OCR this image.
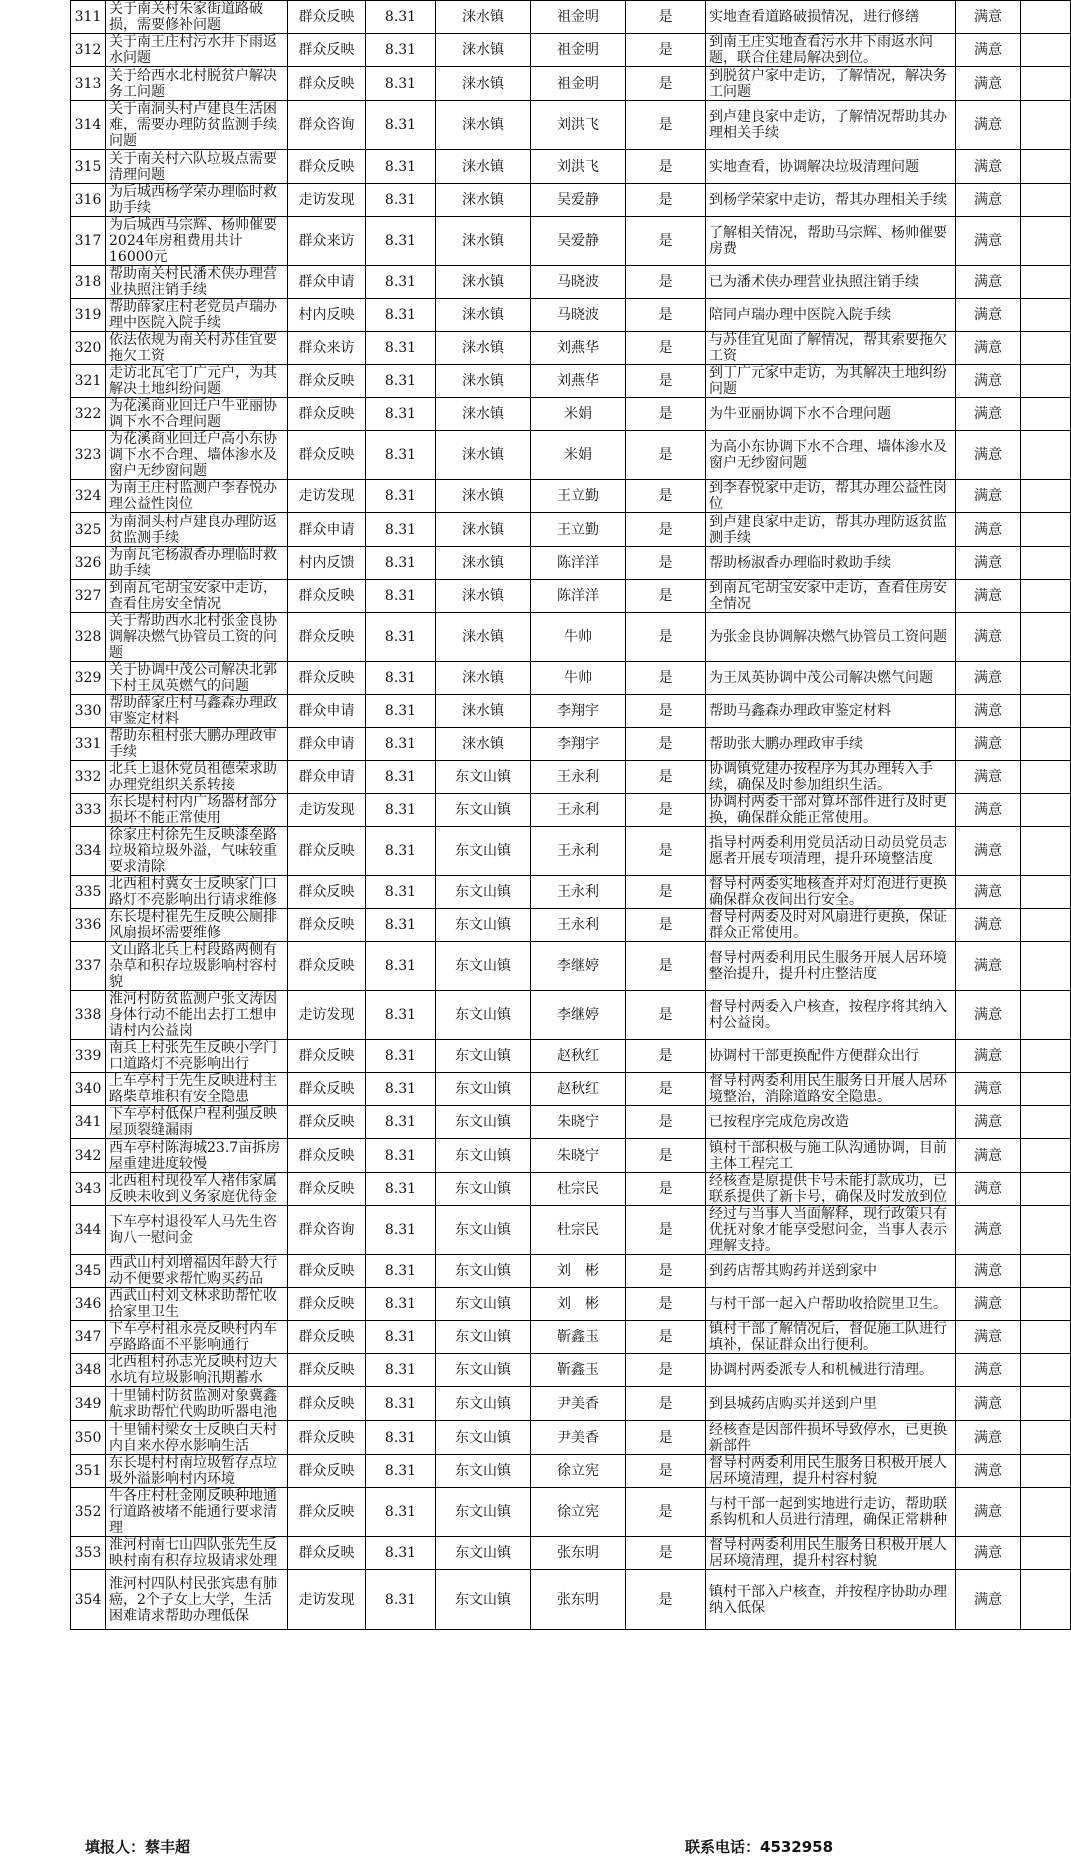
311	关于南关村朱家街道路破损，需要修补问题	群众反映	8.31	涞水镇	祖金明	是	实地查看道路破损情况，进行修缮	满意	
312	关于南王庄村污水井下雨返水问题	群众反映	8.31	涞水镇	祖金明	是	到南王庄实地查看污水井下雨返水问题，联合住建局解决到位。	满意	
313	关于给西水北村脱贫户解决务工问题	群众反映	8.31	涞水镇	祖金明	是	到脱贫户家中走访，了解情况，解决务工问题	满意	
314	关于南洞头村卢建良生活困难，需要办理防贫监测手续问题	群众咨询	8.31	涞水镇	刘洪飞	是	到卢建良家中走访，了解情况帮助其办理相关手续	满意	
315	关于南关村六队垃圾点需要清理问题	群众反映	8.31	涞水镇	刘洪飞	是	实地查看，协调解决垃圾清理问题	满意	
316	为后城西杨学荣办理临时救助手续	走访发现	8.31	涞水镇	吴爱静	是	到杨学荣家中走访，帮其办理相关手续	满意	
317	为后城西马宗辉、杨帅催要2024年房租费用共计16000元	群众来访	8.31	涞水镇	吴爱静	是	了解相关情况，帮助马宗辉、杨帅催要房费	满意	
318	帮助南关村民潘术侠办理营业执照注销手续	群众申请	8.31	涞水镇	马晓波	是	已为潘术侠办理营业执照注销手续	满意	
319	帮助薛家庄村老党员卢瑞办理中医院入院手续	村内反映	8.31	涞水镇	马晓波	是	陪同卢瑞办理中医院入院手续	满意	
320	依法依规为南关村苏佳宜要拖欠工资	群众来访	8.31	涞水镇	刘燕华	是	与苏佳宜见面了解情况，帮其索要拖欠工资	满意	
321	走访北瓦宅丁广元户，为其解决土地纠纷问题	群众反映	8.31	涞水镇	刘燕华	是	到丁广元家中走访，为其解决土地纠纷问题	满意	
322	为花溪商业回迁户牛亚丽协调下水不合理问题	群众反映	8.31	涞水镇	米娟	是	为牛亚丽协调下水不合理问题	满意	
323	为花溪商业回迁户高小东协调下水不合理、墙体渗水及窗户无纱窗问题	群众反映	8.31	涞水镇	米娟	是	为高小东协调下水不合理、墙体渗水及窗户无纱窗问题	满意	
324	为南王庄村监测户李春悦办理公益性岗位	走访发现	8.31	涞水镇	王立勤	是	到李春悦家中走访，帮其办理公益性岗位	满意	
325	为南洞头村卢建良办理防返贫监测手续	群众申请	8.31	涞水镇	王立勤	是	到卢建良家中走访，帮其办理防返贫监测手续	满意	
326	为南瓦宅杨淑香办理临时救助手续	村内反馈	8.31	涞水镇	陈洋洋	是	帮助杨淑香办理临时救助手续	满意	
327	到南瓦宅胡宝安家中走访，查看住房安全情况	群众反映	8.31	涞水镇	陈洋洋	是	到南瓦宅胡宝安家中走访，查看住房安全情况	满意	
328	关于帮助西水北村张金良协调解决燃气协管员工资的问题	群众反映	8.31	涞水镇	牛帅	是	为张金良协调解决燃气协管员工资问题	满意	
329	关于协调中茂公司解决北郭下村王凤英燃气的问题	群众反映	8.31	涞水镇	牛帅	是	为王凤英协调中茂公司解决燃气问题	满意	
330	帮助薛家庄村马鑫森办理政审鉴定材料	群众申请	8.31	涞水镇	李翔宇	是	帮助马鑫森办理政审鉴定材料	满意	
331	帮助东租村张大鹏办理政审手续	群众申请	8.31	涞水镇	李翔宇	是	帮助张大鹏办理政审手续	满意	
332	北兵上退休党员祖德荣求助办理党组织关系转接	群众申请	8.31	东文山镇	王永利	是	协调镇党建办按程序为其办理转入手续，确保及时参加组织生活。	满意	
333	东长堤村村内广场器材部分损坏不能正常使用	走访发现	8.31	东文山镇	王永利	是	协调村两委干部对算坏部件进行及时更换，确保群众能正常使用。	满意	
334	徐家庄村徐先生反映漆垒路垃圾箱垃圾外溢，气味较重要求清除	群众反映	8.31	东文山镇	王永利	是	指导村两委利用党员活动日动员党员志愿者开展专项清理，提升环境整洁度	满意	
335	北西租村冀女士反映家门口路灯不亮影响出行请求维修	群众反映	8.31	东文山镇	王永利	是	督导村两委实地核查并对灯泡进行更换确保群众夜间出行安全。	满意	
336	东长堤村崔先生反映公厕排风扇损坏需要维修	群众反映	8.31	东文山镇	王永利	是	督导村两委及时对风扇进行更换，保证群众正常使用。	满意	
337	文山路北兵上村段路两侧有杂草和积存垃圾影响村容村貌	群众反映	8.31	东文山镇	李继婷	是	督导村两委利用民生服务开展人居环境整治提升，提升村庄整洁度	满意	
338	淮河村防贫监测户张文涛因身体行动不能出去打工想申请村内公益岗	走访发现	8.31	东文山镇	李继婷	是	督导村两委入户核查，按程序将其纳入村公益岗。	满意	
339	南兵上村张先生反映小学门口道路灯不亮影响出行	群众反映	8.31	东文山镇	赵秋红	是	协调村干部更换配件方便群众出行	满意	
340	上车亭村于先生反映进村主路柴草堆积有安全隐患	群众反映	8.31	东文山镇	赵秋红	是	督导村两委利用民生服务日开展人居环境整治，消除道路安全隐患。	满意	
341	下车亭村低保户程利强反映屋顶裂缝漏雨	群众反映	8.31	东文山镇	朱晓宁	是	已按程序完成危房改造	满意	
342	西车亭村陈海城23.7亩拆房屋重建进度较慢	群众反映	8.31	东文山镇	朱晓宁	是	镇村干部积极与施工队沟通协调，目前主体工程完工	满意	
343	北西租村现役军人褚伟家属反映未收到义务家庭优待金	群众反映	8.31	东文山镇	杜宗民	是	经核查是原提供卡号未能打款成功，已联系提供了新卡号，确保及时发放到位	满意	
344	下车亭村退役军人马先生咨询八一慰问金	群众咨询	8.31	东文山镇	杜宗民	是	经过与当事人当面解释，现行政策只有优抚对象才能享受慰问金，当事人表示理解支持。	满意	
345	西武山村刘增福因年龄大行动不便要求帮忙购买药品	群众反映	8.31	东文山镇	刘　彬	是	到药店帮其购药并送到家中	满意	
346	西武山村刘文林求助帮忙收拾家里卫生	群众反映	8.31	东文山镇	刘　彬	是	与村干部一起入户帮助收拾院里卫生。	满意	
347	下车亭村祖永亮反映村内车亭路路面不平影响通行	群众反映	8.31	东文山镇	靳鑫玉	是	镇村干部了解情况后，督促施工队进行填补，保证群众出行便利。	满意	
348	北西租村孙志光反映村边大水坑有垃圾影响汛期蓄水	群众反映	8.31	东文山镇	靳鑫玉	是	协调村两委派专人和机械进行清理。	满意	
349	十里铺村防贫监测对象冀鑫航求助帮忙代购助听器电池	群众反映	8.31	东文山镇	尹美香	是	到县城药店购买并送到户里	满意	
350	十里铺村梁女士反映白天村内自来水停水影响生活	群众反映	8.31	东文山镇	尹美香	是	经核查是因部件损坏导致停水，已更换新部件	满意	
351	东长堤村村南垃圾暂存点垃圾外溢影响村内环境	群众反映	8.31	东文山镇	徐立宪	是	督导村两委利用民生服务日积极开展人居环境清理，提升村容村貌	满意	
352	牛各庄村杜金刚反映种地通行道路被堵不能通行要求清理	群众反映	8.31	东文山镇	徐立宪	是	与村干部一起到实地进行走访，帮助联系钩机和人员进行清理，确保正常耕种	满意	
353	淮河村南七山四队张先生反映村南有积存垃圾请求处理	群众反映	8.31	东文山镇	张东明	是	督导村两委利用民生服务日积极开展人居环境清理，提升村容村貌	满意	
354	淮河村四队村民张宾患有肺癌，2个子女上大学，生活困难请求帮助办理低保	走访发现	8.31	东文山镇	张东明	是	镇村干部入户核查，并按程序协助办理纳入低保	满意	
填报人：蔡丰超	联系电话：4532958
